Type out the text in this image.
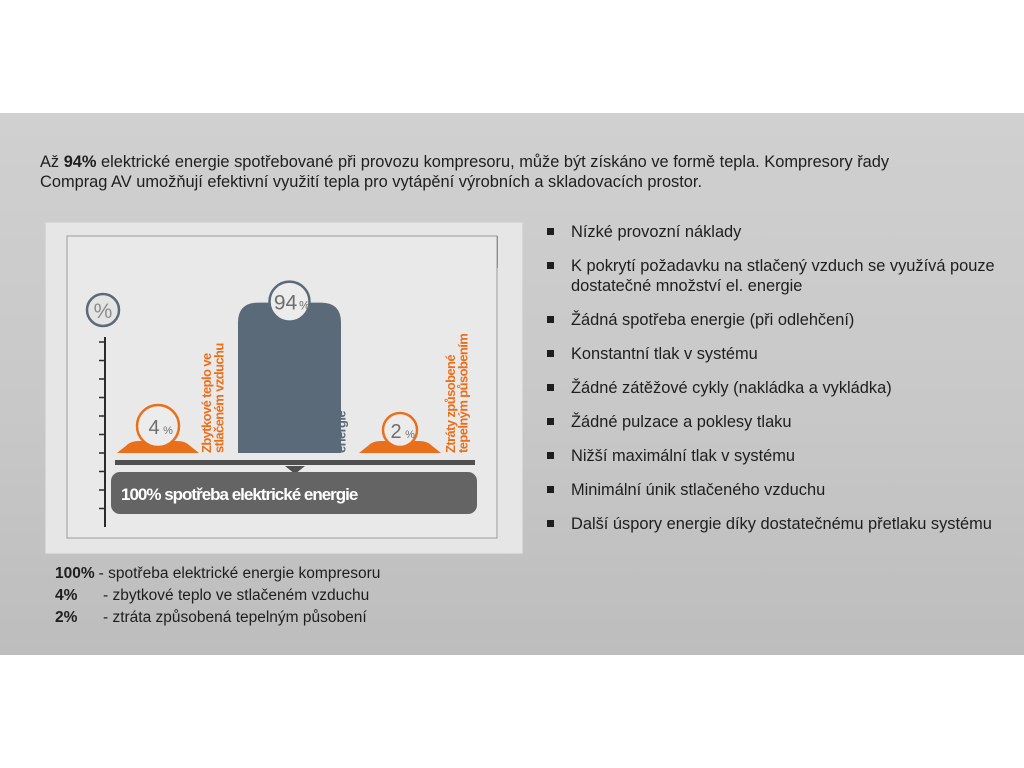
Až 94% elektrické energie spotřebované při provozu kompresoru, může být získáno ve formě tepla. Kompresory řady
Comprag AV umožňují efektivní využití tepla pro vytápění výrobních a skladovacích prostor.
%
4 %
94 %
2 %
Zbytkové teplo ve
stlačeném vzduchu	Regenerace tepelné
energie	Ztráty způsobené
tepelným působením
100% spotřeba elektrické energie
Nízké provozní náklady
K pokrytí požadavku na stlačený vzduch se využívá pouze dostatečné množství el. energie
Žádná spotřeba energie (při odlehčení)
Konstantní tlak v systému
Žádné zátěžové cykly (nakládka a vykládka)
Žádné pulzace a poklesy tlaku
Nižší maximální tlak v systému
Minimální únik stlačeného vzduchu
Další úspory energie díky dostatečnému přetlaku systému
100% - spotřeba elektrické energie kompresoru
4%	- zbytkové teplo ve stlačeném vzduchu
2%	- ztráta způsobená tepelným působení
